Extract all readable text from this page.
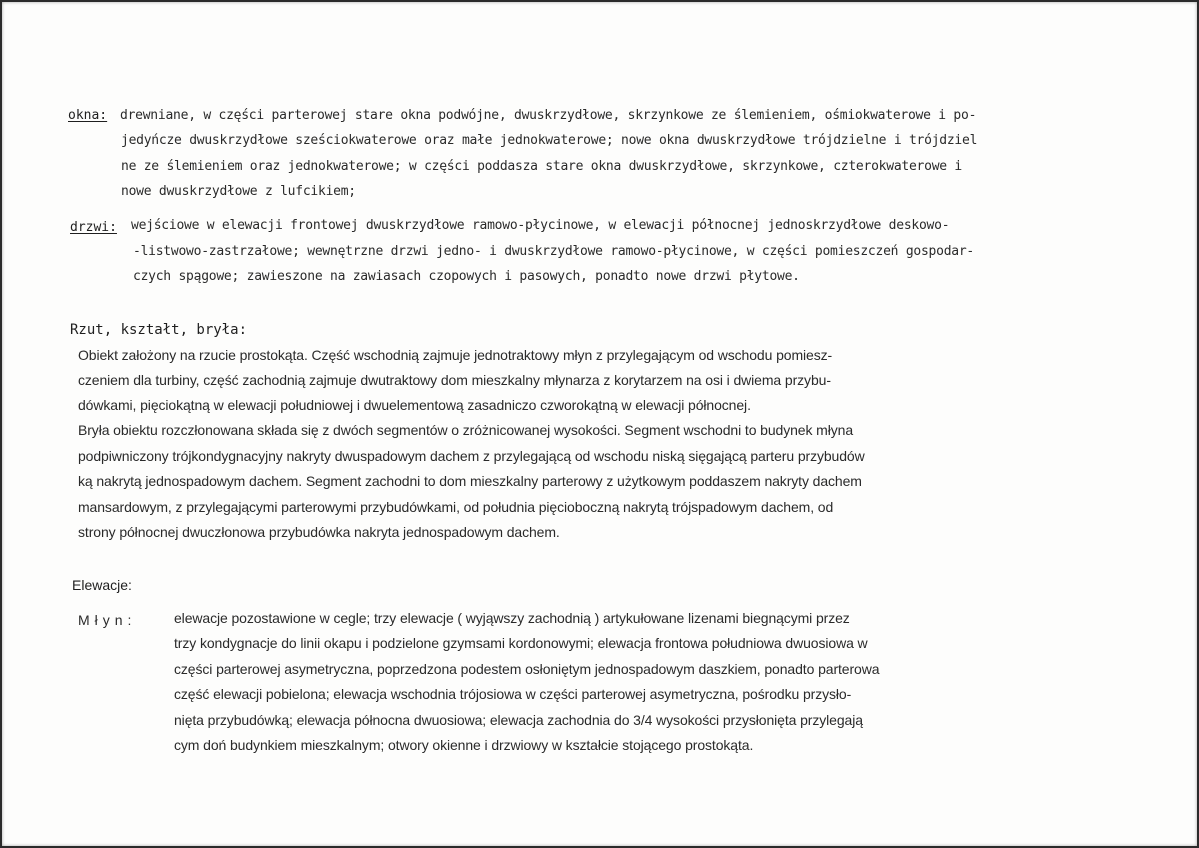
okna: drewniane, w części parterowej stare okna podwójne, dwuskrzydłowe, skrzynkowe ze ślemieniem, ośmiokwaterowe i po-
jedyńcze dwuskrzydłowe sześciokwaterowe oraz małe jednokwaterowe; nowe okna dwuskrzydłowe trójdzielne i trójdziel
ne ze ślemieniem oraz jednokwaterowe; w części poddasza stare okna dwuskrzydłowe, skrzynkowe, czterokwaterowe i
nowe dwuskrzydłowe z lufcikiem;
drzwi: wejściowe w elewacji frontowej dwuskrzydłowe ramowo-płycinowe, w elewacji północnej jednoskrzydłowe deskowo-
-listwowo-zastrzałowe; wewnętrzne drzwi jedno- i dwuskrzydłowe ramowo-płycinowe, w części pomieszczeń gospodar-
czych spągowe; zawieszone na zawiasach czopowych i pasowych, ponadto nowe drzwi płytowe.
Rzut, kształt, bryła:
Obiekt założony na rzucie prostokąta. Część wschodnią zajmuje jednotraktowy młyn z przylegającym od wschodu pomiesz-
czeniem dla turbiny, część zachodnią zajmuje dwutraktowy dom mieszkalny młynarza z korytarzem na osi i dwiema przybu-
dówkami, pięciokątną w elewacji południowej i dwuelementową zasadniczo czworokątną w elewacji północnej.
Bryła obiektu rozczłonowana składa się z dwóch segmentów o zróżnicowanej wysokości. Segment wschodni to budynek młyna
podpiwniczony trójkondygnacyjny nakryty dwuspadowym dachem z przylegającą od wschodu niską sięgającą parteru przybudów
ką nakrytą jednospadowym dachem. Segment zachodni to dom mieszkalny parterowy z użytkowym poddaszem nakryty dachem
mansardowym, z przylegającymi parterowymi przybudówkami, od południa pięcioboczną nakrytą trójspadowym dachem, od
strony północnej dwuczłonowa przybudówka nakryta jednospadowym dachem.
Elewacje:
Młyn:	elewacje pozostawione w cegle; trzy elewacje ( wyjąwszy zachodnią ) artykułowane lizenami biegnącymi przez
trzy kondygnacje do linii okapu i podzielone gzymsami kordonowymi; elewacja frontowa południowa dwuosiowa w
części parterowej asymetryczna, poprzedzona podestem osłoniętym jednospadowym daszkiem, ponadto parterowa
część elewacji pobielona; elewacja wschodnia trójosiowa w części parterowej asymetryczna, pośrodku przysło-
nięta przybudówką; elewacja północna dwuosiowa; elewacja zachodnia do 3/4 wysokości przysłonięta przylegają
cym doń budynkiem mieszkalnym; otwory okienne i drzwiowy w kształcie stojącego prostokąta.
